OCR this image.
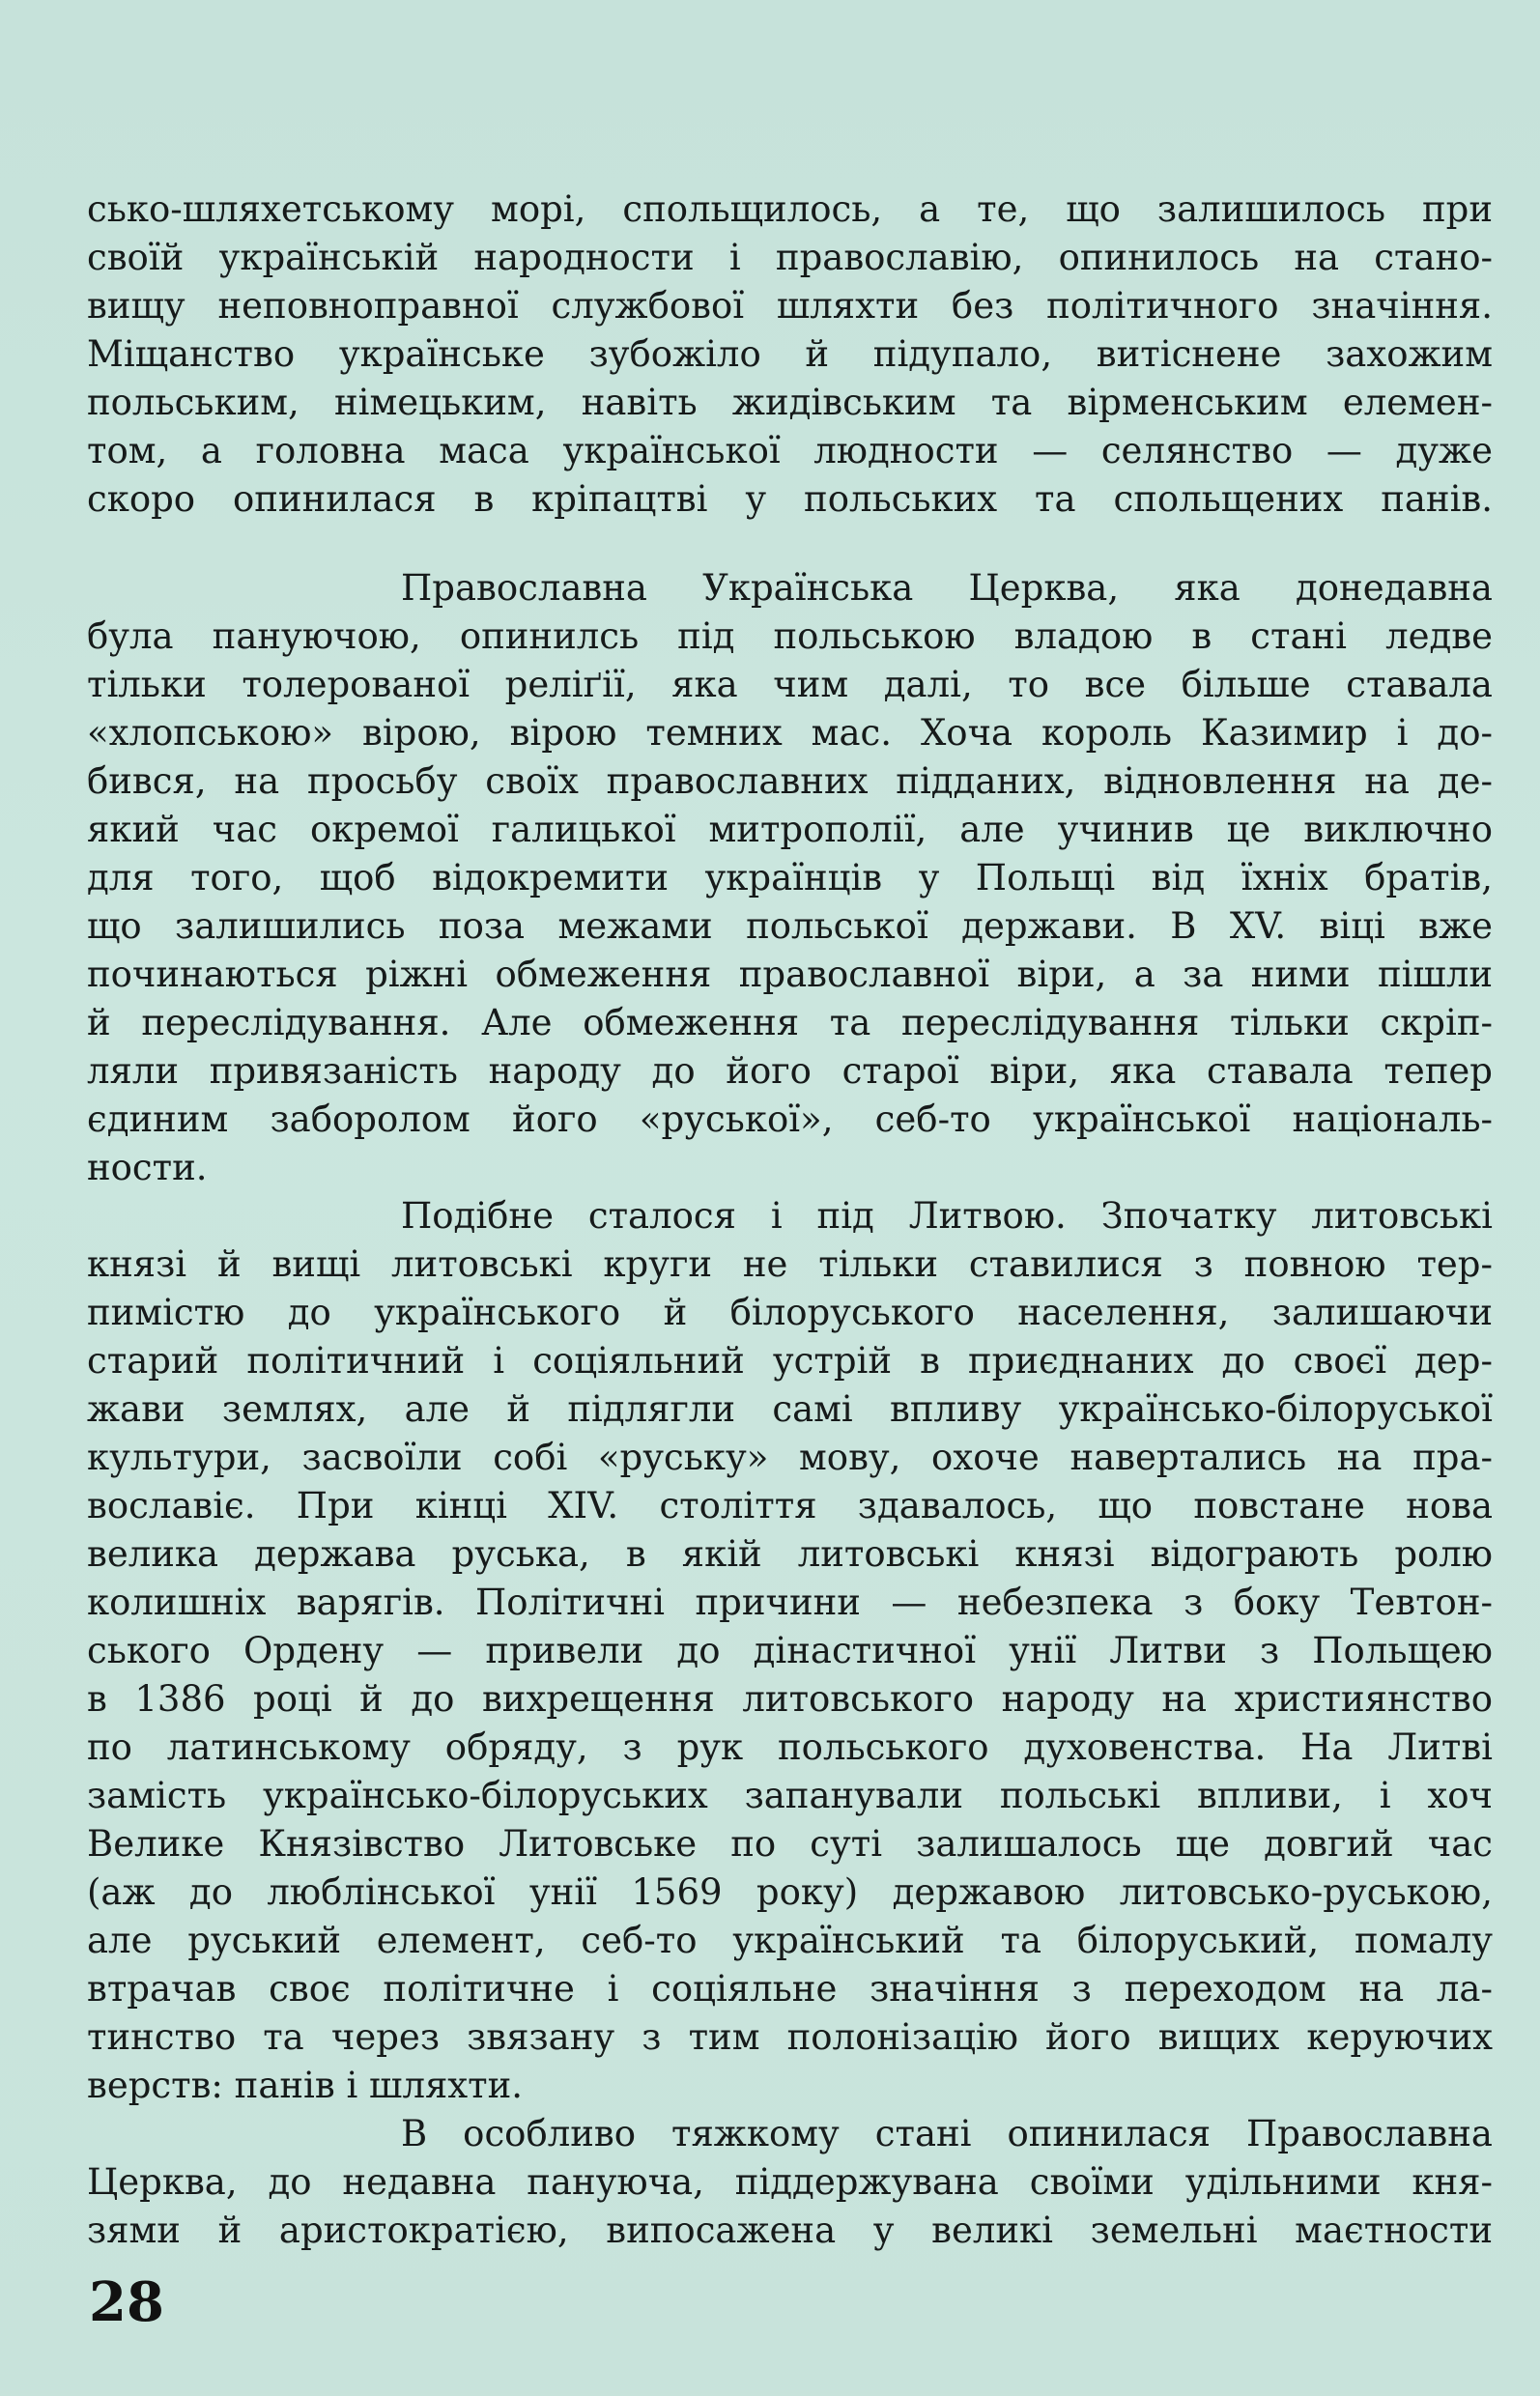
сько-шляхетському морі, спольщилось, а те, що залишилось при
своїй українській народности і православію, опинилось на стано-
вищу неповноправної службової шляхти без політичного значіння.
Міщанство українське зубожіло й підупало, витіснене захожим
польським, німецьким, навіть жидівським та вірменським елемен-
том, а головна маса української людности — селянство — дуже
скоро опинилася в кріпацтві у польських та спольщених панів.
Православна Українська Церква, яка донедавна
була пануючою, опинилсь під польською владою в стані ледве
тільки толерованої реліґії, яка чим далі, то все більше ставала
«хлопською» вірою, вірою темних мас. Хоча король Казимир і до-
бився, на просьбу своїх православних підданих, відновлення на де-
який час окремої галицької митрополії, але учинив це виключно
для того, щоб відокремити українців у Польщі від їхніх братів,
що залишились поза межами польської держави. В XV. віці вже
починаються ріжні обмеження православної віри, а за ними пішли
й переслідування. Але обмеження та переслідування тільки скріп-
ляли привязаність народу до його старої віри, яка ставала тепер
єдиним заборолом його «руської», себ-то української національ-
ности.
Подібне сталося і під Литвою. Зпочатку литовські
князі й вищі литовські круги не тільки ставилися з повною тер-
пимістю до українського й білоруського населення, залишаючи
старий політичний і соціяльний устрій в приєднаних до своєї дер-
жави землях, але й підлягли самі впливу українсько-білоруської
культури, засвоїли собі «руську» мову, охоче навертались на пра-
вославіє. При кінці XIV. століття здавалось, що повстане нова
велика держава руська, в якій литовські князі відограють ролю
колишніх варягів. Політичні причини — небезпека з боку Тевтон-
ського Ордену — привели до дінастичної унії Литви з Польщею
в 1386 році й до вихрещення литовського народу на християнство
по латинському обряду, з рук польського духовенства. На Литві
замість українсько-білоруських запанували польські впливи, і хоч
Велике Князівство Литовське по суті залишалось ще довгий час
(аж до люблінської унії 1569 року) державою литовсько-руською,
але руський елемент, себ-то український та білоруський, помалу
втрачав своє політичне і соціяльне значіння з переходом на ла-
тинство та через звязану з тим полонізацію його вищих керуючих
верств: панів і шляхти.
В особливо тяжкому стані опинилася Православна
Церква, до недавна пануюча, піддержувана своїми удільними кня-
зями й аристократією, випосажена у великі земельні маєтности
28
